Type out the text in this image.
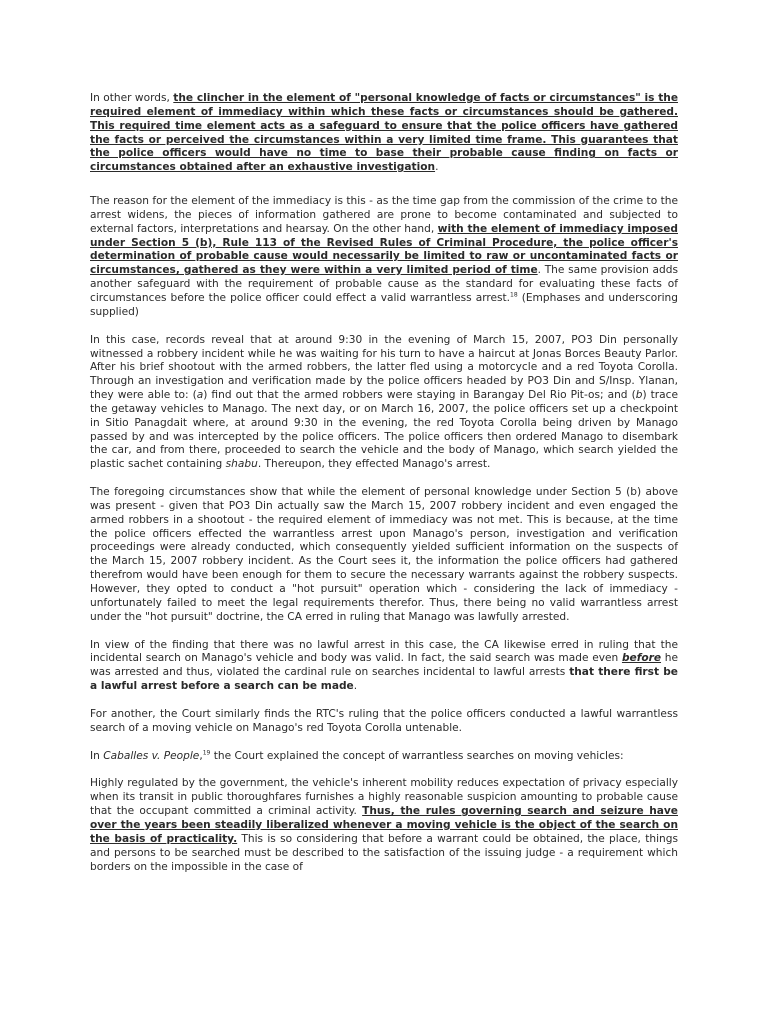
In other words, the clincher in the element of "personal knowledge of facts or circumstances" is the required element of immediacy within which these facts or circumstances should be gathered. This required time element acts as a safeguard to ensure that the police officers have gathered the facts or perceived the circumstances within a very limited time frame. This guarantees that the police officers would have no time to base their probable cause finding on facts or circumstances obtained after an exhaustive investigation.

The reason for the element of the immediacy is this - as the time gap from the commission of the crime to the arrest widens, the pieces of information gathered are prone to become contaminated and subjected to external factors, interpretations and hearsay. On the other hand, with the element of immediacy imposed under Section 5 (b), Rule 113 of the Revised Rules of Criminal Procedure, the police officer's determination of probable cause would necessarily be limited to raw or uncontaminated facts or circumstances, gathered as they were within a very limited period of time. The same provision adds another safeguard with the requirement of probable cause as the standard for evaluating these facts of circumstances before the police officer could effect a valid warrantless arrest.$^{18}$ (Emphases and underscoring supplied)

In this case, records reveal that at around 9:30 in the evening of March 15, 2007, PO3 Din personally witnessed a robbery incident while he was waiting for his turn to have a haircut at Jonas Borces Beauty Parlor. After his brief shootout with the armed robbers, the latter fled using a motorcycle and a red Toyota Corolla. Through an investigation and verification made by the police officers headed by PO3 Din and S/Insp. Ylanan, they were able to: (a) find out that the armed robbers were staying in Barangay Del Rio Pit-os; and (b) trace the getaway vehicles to Manago. The next day, or on March 16, 2007, the police officers set up a checkpoint in Sitio Panagdait where, at around 9:30 in the evening, the red Toyota Corolla being driven by Manago passed by and was intercepted by the police officers. The police officers then ordered Manago to disembark the car, and from there, proceeded to search the vehicle and the body of Manago, which search yielded the plastic sachet containing shabu. Thereupon, they effected Manago's arrest.

The foregoing circumstances show that while the element of personal knowledge under Section 5 (b) above was present - given that PO3 Din actually saw the March 15, 2007 robbery incident and even engaged the armed robbers in a shootout - the required element of immediacy was not met. This is because, at the time the police officers effected the warrantless arrest upon Manago's person, investigation and verification proceedings were already conducted, which consequently yielded sufficient information on the suspects of the March 15, 2007 robbery incident. As the Court sees it, the information the police officers had gathered therefrom would have been enough for them to secure the necessary warrants against the robbery suspects. However, they opted to conduct a "hot pursuit" operation which - considering the lack of immediacy - unfortunately failed to meet the legal requirements therefor. Thus, there being no valid warrantless arrest under the "hot pursuit" doctrine, the CA erred in ruling that Manago was lawfully arrested.

In view of the finding that there was no lawful arrest in this case, the CA likewise erred in ruling that the incidental search on Manago's vehicle and body was valid. In fact, the said search was made even before he was arrested and thus, violated the cardinal rule on searches incidental to lawful arrests that there first be a lawful arrest before a search can be made.

For another, the Court similarly finds the RTC's ruling that the police officers conducted a lawful warrantless search of a moving vehicle on Manago's red Toyota Corolla untenable.

In Caballes v. People,$^{19}$ the Court explained the concept of warrantless searches on moving vehicles:

Highly regulated by the government, the vehicle's inherent mobility reduces expectation of privacy especially when its transit in public thoroughfares furnishes a highly reasonable suspicion amounting to probable cause that the occupant committed a criminal activity. Thus, the rules governing search and seizure have over the years been steadily liberalized whenever a moving vehicle is the object of the search on the basis of practicality. This is so considering that before a warrant could be obtained, the place, things and persons to be searched must be described to the satisfaction of the issuing judge - a requirement which borders on the impossible in the case of
